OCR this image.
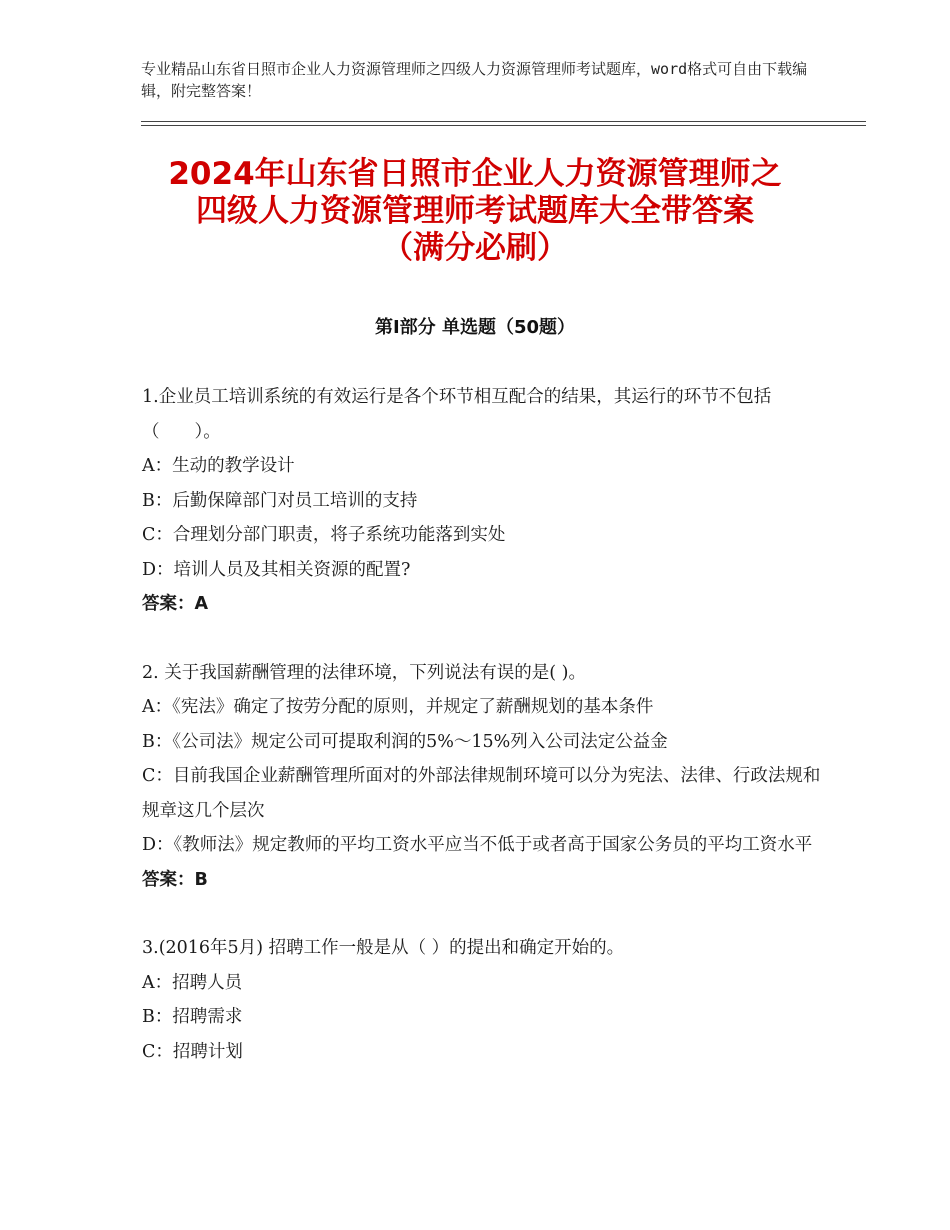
专业精品山东省日照市企业人力资源管理师之四级人力资源管理师考试题库，word格式可自由下载编辑，附完整答案！
2024年山东省日照市企业人力资源管理师之
四级人力资源管理师考试题库大全带答案
（满分必刷）
第Ⅰ部分 单选题（50题）

1.企业员工培训系统的有效运行是各个环节相互配合的结果，其运行的环节不包括（　　）。

A：生动的教学设计

B：后勤保障部门对员工培训的支持

C：合理划分部门职责，将子系统功能落到实处

D：培训人员及其相关资源的配置?

答案：A

2. 关于我国薪酬管理的法律环境，下列说法有误的是( )。

A：《宪法》确定了按劳分配的原则，并规定了薪酬规划的基本条件

B：《公司法》规定公司可提取利润的5%～15%列入公司法定公益金

C：目前我国企业薪酬管理所面对的外部法律规制环境可以分为宪法、法律、行政法规和规章这几个层次

D：《教师法》规定教师的平均工资水平应当不低于或者高于国家公务员的平均工资水平

答案：B

3.(2016年5月) 招聘工作一般是从（ ）的提出和确定开始的。

A：招聘人员

B：招聘需求

C：招聘计划
